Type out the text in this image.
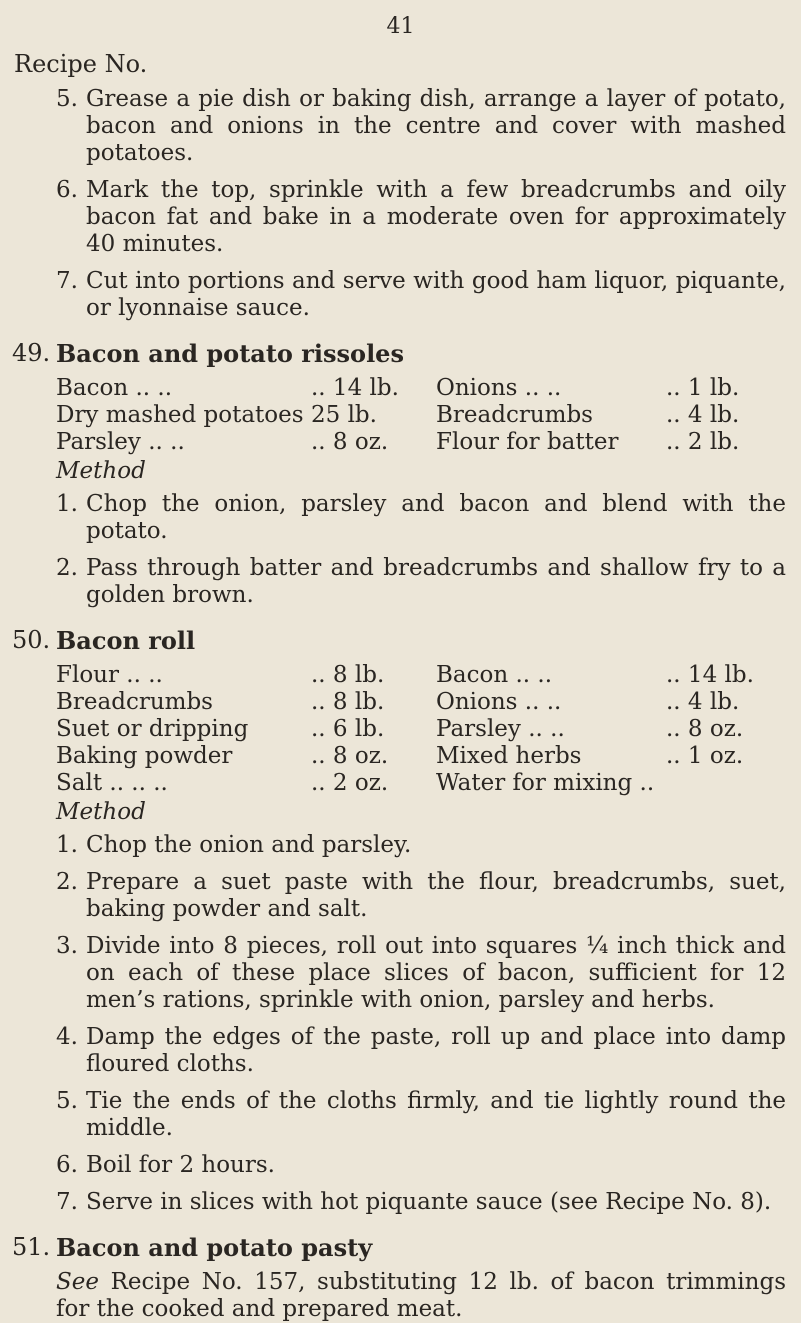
41
Recipe No.
5. Grease a pie dish or baking dish, arrange a layer of potato, bacon and onions in the centre and cover with mashed potatoes.
6. Mark the top, sprinkle with a few breadcrumbs and oily bacon fat and bake in a moderate oven for approximately 40 minutes.
7. Cut into portions and serve with good ham liquor, piquante, or lyonnaise sauce.
49. Bacon and potato rissoles
Bacon .. ..	.. 14 lb.	Onions .. ..	.. 1 lb.
Dry mashed potatoes	25 lb.	Breadcrumbs	.. 4 lb.
Parsley .. ..	.. 8 oz.	Flour for batter	.. 2 lb.
Method
1. Chop the onion, parsley and bacon and blend with the potato.
2. Pass through batter and breadcrumbs and shallow fry to a golden brown.
50. Bacon roll
Flour .. ..	.. 8 lb.	Bacon .. ..	.. 14 lb.
Breadcrumbs	.. 8 lb.	Onions .. ..	.. 4 lb.
Suet or dripping	.. 6 lb.	Parsley .. ..	.. 8 oz.
Baking powder	.. 8 oz.	Mixed herbs	.. 1 oz.
Salt .. .. ..	.. 2 oz.	Water for mixing ..	
Method
1. Chop the onion and parsley.
2. Prepare a suet paste with the flour, breadcrumbs, suet, baking powder and salt.
3. Divide into 8 pieces, roll out into squares ¼ inch thick and on each of these place slices of bacon, sufficient for 12 men’s rations, sprinkle with onion, parsley and herbs.
4. Damp the edges of the paste, roll up and place into damp floured cloths.
5. Tie the ends of the cloths firmly, and tie lightly round the middle.
6. Boil for 2 hours.
7. Serve in slices with hot piquante sauce (see Recipe No. 8).
51. Bacon and potato pasty
See Recipe No. 157, substituting 12 lb. of bacon trimmings for the cooked and prepared meat.
